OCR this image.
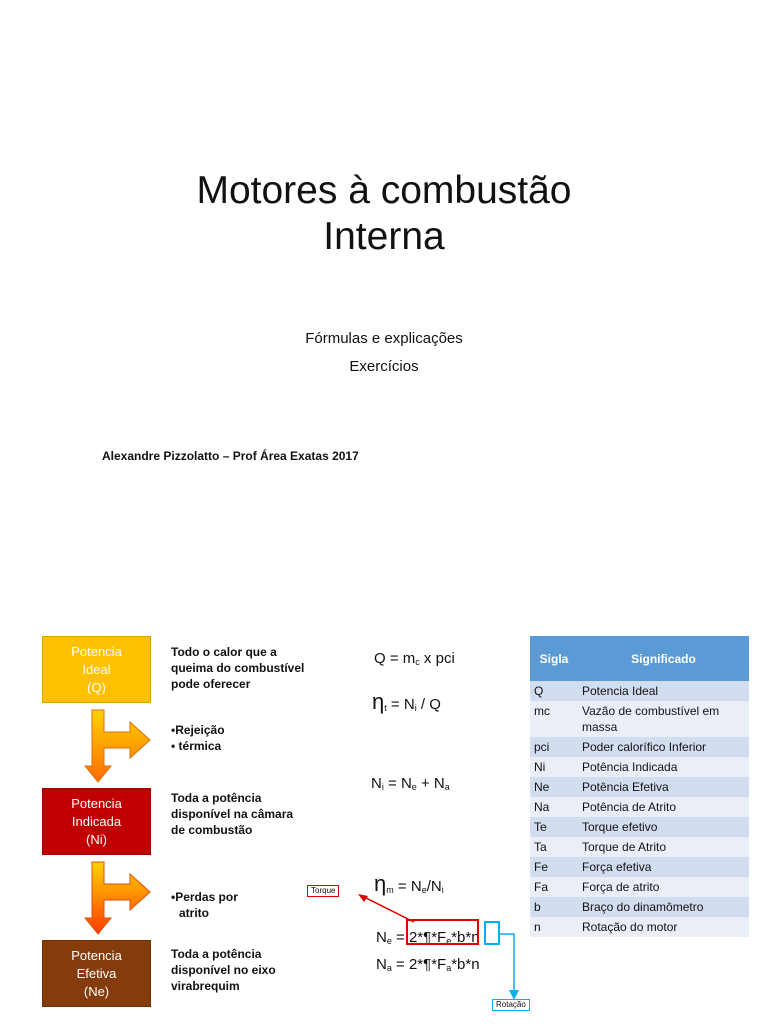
Motores à combustão
Interna
Fórmulas e explicações
Exercícios
Alexandre Pizzolatto – Prof Área Exatas 2017
Potencia
Ideal
(Q)
Potencia
Indicada
(Ni)
Potencia
Efetiva
(Ne)
Todo o calor que a
queima do combustível
pode oferecer
•Rejeição
• térmica
Toda a potência
disponível na câmara
de combustão
•Perdas por
atrito
Toda a potência
disponível no eixo
virabrequim
$Q = m_c$ x pci
$\eta_t = N_i / Q$
$N_i = N_e + N_a$
$\eta_m = N_e/N_i$
$N_e$ = $2*\P*F_e*b*n$
$N_a$ = $2*\P*F_a*b*n$
Torque
Rotação
Sigla	Significado
Q	Potencia Ideal
mc	Vazão de combustível em massa
pci	Poder calorífico Inferior
Ni	Potência Indicada
Ne	Potência Efetiva
Na	Potência de Atrito
Te	Torque efetivo
Ta	Torque de Atrito
Fe	Força efetiva
Fa	Força de atrito
b	Braço do dinamômetro
n	Rotação do motor
